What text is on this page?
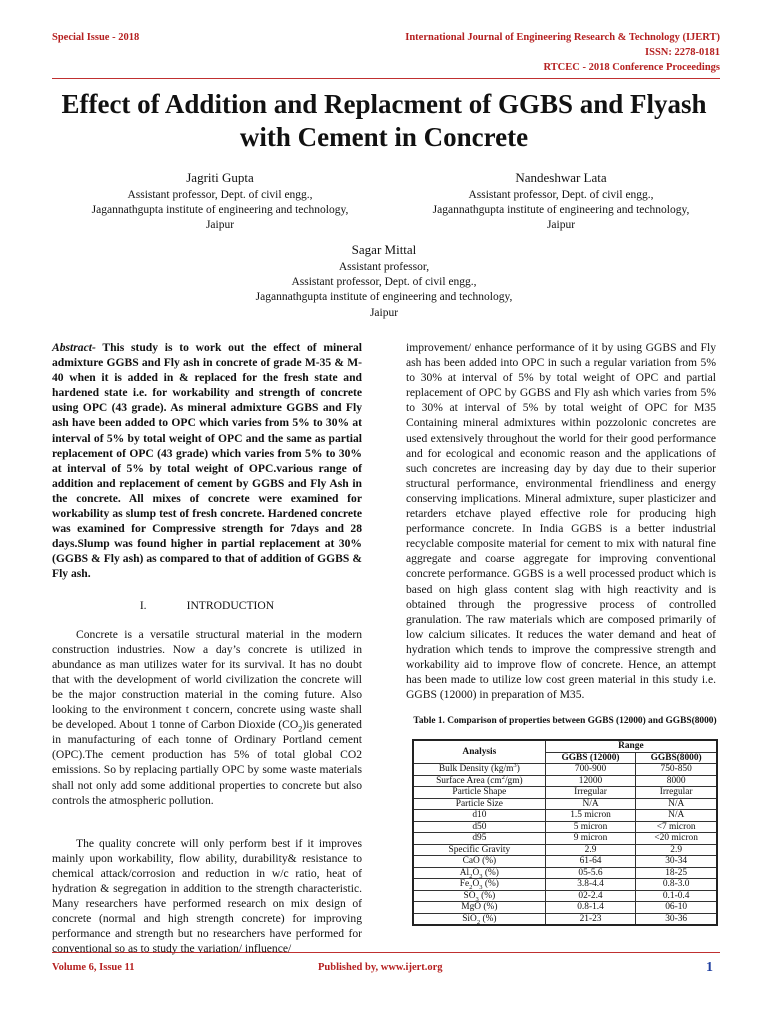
Special Issue - 2018	International Journal of Engineering Research & Technology (IJERT)
ISSN: 2278-0181
RTCEC - 2018 Conference Proceedings
Effect of Addition and Replacment of GGBS and Flyash with Cement in Concrete
Jagriti Gupta
Assistant professor, Dept. of civil engg.,
Jagannathgupta institute of engineering and technology,
Jaipur
Nandeshwar Lata
Assistant professor, Dept. of civil engg.,
Jagannathgupta institute of engineering and technology,
Jaipur
Sagar Mittal
Assistant professor,
Assistant professor, Dept. of civil engg.,
Jagannathgupta institute of engineering and technology,
Jaipur

Abstract- This study is to work out the effect of mineral admixture GGBS and Fly ash in concrete of grade M-35 & M-40 when it is added in & replaced for the fresh state and hardened state i.e. for workability and strength of concrete using OPC (43 grade). As mineral admixture GGBS and Fly ash have been added to OPC which varies from 5% to 30% at interval of 5% by total weight of OPC and the same as partial replacement of OPC (43 grade) which varies from 5% to 30% at interval of 5% by total weight of OPC.various range of addition and replacement of cement by GGBS and Fly Ash in the concrete. All mixes of concrete were examined for workability as slump test of fresh concrete. Hardened concrete was examined for Compressive strength for 7days and 28 days.Slump was found higher in partial replacement at 30% (GGBS & Fly ash) as compared to that of addition of GGBS & Fly ash.

I.	INTRODUCTION

Concrete is a versatile structural material in the modern construction industries. Now a day’s concrete is utilized in abundance as man utilizes water for its survival. It has no doubt that with the development of world civilization the concrete will be the major construction material in the coming future. Also looking to the environment t concern, concrete using waste shall be developed. About 1 tonne of Carbon Dioxide $(CO_2)is$ generated in manufacturing of each tonne of Ordinary Portland cement (OPC).The cement production has 5% of total global CO2 emissions. So by replacing partially OPC by some waste materials shall not only add some additional properties to concrete but also controls the atmospheric pollution.

The quality concrete will only perform best if it improves mainly upon workability, flow ability, durability& resistance to chemical attack/corrosion and reduction in w/c ratio, heat of hydration & segregation in addition to the strength characteristic. Many researchers have performed research on mix design of concrete (normal and high strength concrete) for improving performance and strength but no researchers have performed for conventional so as to study the variation/ influence/

improvement/ enhance performance of it by using GGBS and Fly ash has been added into OPC in such a regular variation from 5% to 30% at interval of 5% by total weight of OPC and partial replacement of OPC by GGBS and Fly ash which varies from 5% to 30% at interval of 5% by total weight of OPC for M35 Containing mineral admixtures within pozzolonic concretes are used extensively throughout the world for their good performance and for ecological and economic reason and the applications of such concretes are increasing day by day due to their superior structural performance, environmental friendliness and energy conserving implications. Mineral admixture, super plasticizer and retarders etchave played effective role for producing high performance concrete. In India GGBS is a better industrial recyclable composite material for cement to mix with natural fine aggregate and coarse aggregate for improving conventional concrete performance. GGBS is a well processed product which is based on high glass content slag with high reactivity and is obtained through the progressive process of controlled granulation. The raw materials which are composed primarily of low calcium silicates. It reduces the water demand and heat of hydration which tends to improve the compressive strength and workability aid to improve flow of concrete. Hence, an attempt has been made to utilize low cost green material in this study i.e. GGBS (12000) in preparation of M35.

Table 1. Comparison of properties between GGBS (12000) and GGBS(8000)
Analysis	Range	
	GGBS (12000)	GGBS(8000)
Bulk Density $(kg/m^3)$	700-900	750-850
Surface Area $(cm^2/gm)$	12000	8000
Particle Shape	Irregular	Irregular
Particle Size	N/A	N/A
d10	1.5 micron	N/A
d50	5 micron	<7 micron
d95	9 micron	<20 micron
Specific Gravity	2.9	2.9
CaO (%)	61-64	30-34
$Al_2O_3$ (%)	05-5.6	18-25
$Fe_2O_3$ (%)	3.8-4.4	0.8-3.0
$SO_3$ (%)	02-2.4	0.1-0.4
MgO (%)	0.8-1.4	06-10
SiO$_2$ (%)	21-23	30-36
Volume 6, Issue 11	Published by, www.ijert.org	1
